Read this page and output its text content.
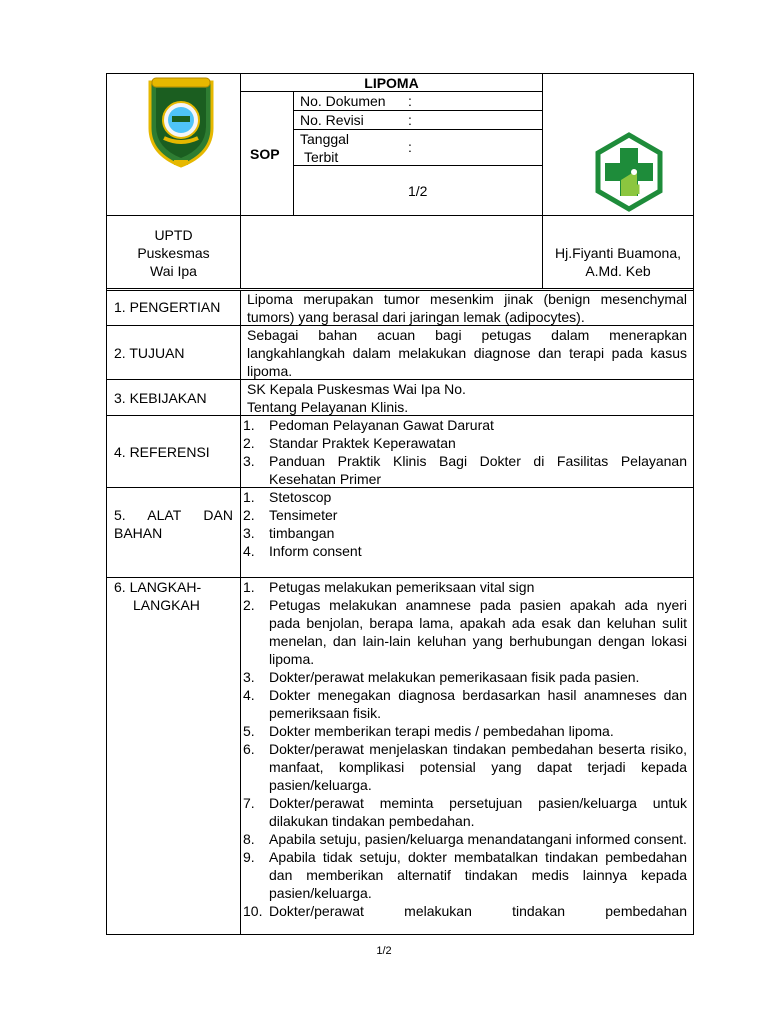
LIPOMA
SOP
No. Dokumen :
No. Revisi	:
Tanggal
Terbit
:
1/2
UPTD
Puskesmas
Wai Ipa
Hj.Fiyanti Buamona,
A.Md. Keb
1. PENGERTIAN Lipoma merupakan tumor mesenkim jinak (benign mesenchymal tumors) yang berasal dari jaringan lemak (adipocytes).
2. TUJUAN
Sebagai bahan acuan bagi petugas dalam menerapkan langkahlangkah dalam melakukan diagnose dan terapi pada kasus lipoma.
3. KEBIJAKAN
SK Kepala Puskesmas Wai Ipa No.
Tentang Pelayanan Klinis.
4. REFERENSI
1. Pedoman Pelayanan Gawat Darurat
2. Standar Praktek Keperawatan
3. Panduan Praktik Klinis Bagi Dokter di Fasilitas Pelayanan Kesehatan Primer
5. ALAT DAN
BAHAN
1. Stetoscop
2. Tensimeter
3. timbangan
4. Inform consent
6. LANGKAH-
LANGKAH
1. Petugas melakukan pemeriksaan vital sign
2. Petugas melakukan anamnese pada pasien apakah ada nyeri pada benjolan, berapa lama, apakah ada esak dan keluhan sulit menelan, dan lain-lain keluhan yang berhubungan dengan lokasi lipoma.
3. Dokter/perawat melakukan pemerikasaan fisik pada pasien.
4. Dokter menegakan diagnosa berdasarkan hasil anamneses dan pemeriksaan fisik.
5. Dokter memberikan terapi medis / pembedahan lipoma.
6. Dokter/perawat menjelaskan tindakan pembedahan beserta risiko, manfaat, komplikasi potensial yang dapat terjadi kepada pasien/keluarga.
7. Dokter/perawat meminta persetujuan pasien/keluarga untuk dilakukan tindakan pembedahan.
8. Apabila setuju, pasien/keluarga menandatangani informed consent.
9. Apabila tidak setuju, dokter membatalkan tindakan pembedahan dan memberikan alternatif tindakan medis lainnya kepada pasien/keluarga.
10. Dokter/perawat melakukan tindakan pembedahan
1/2
